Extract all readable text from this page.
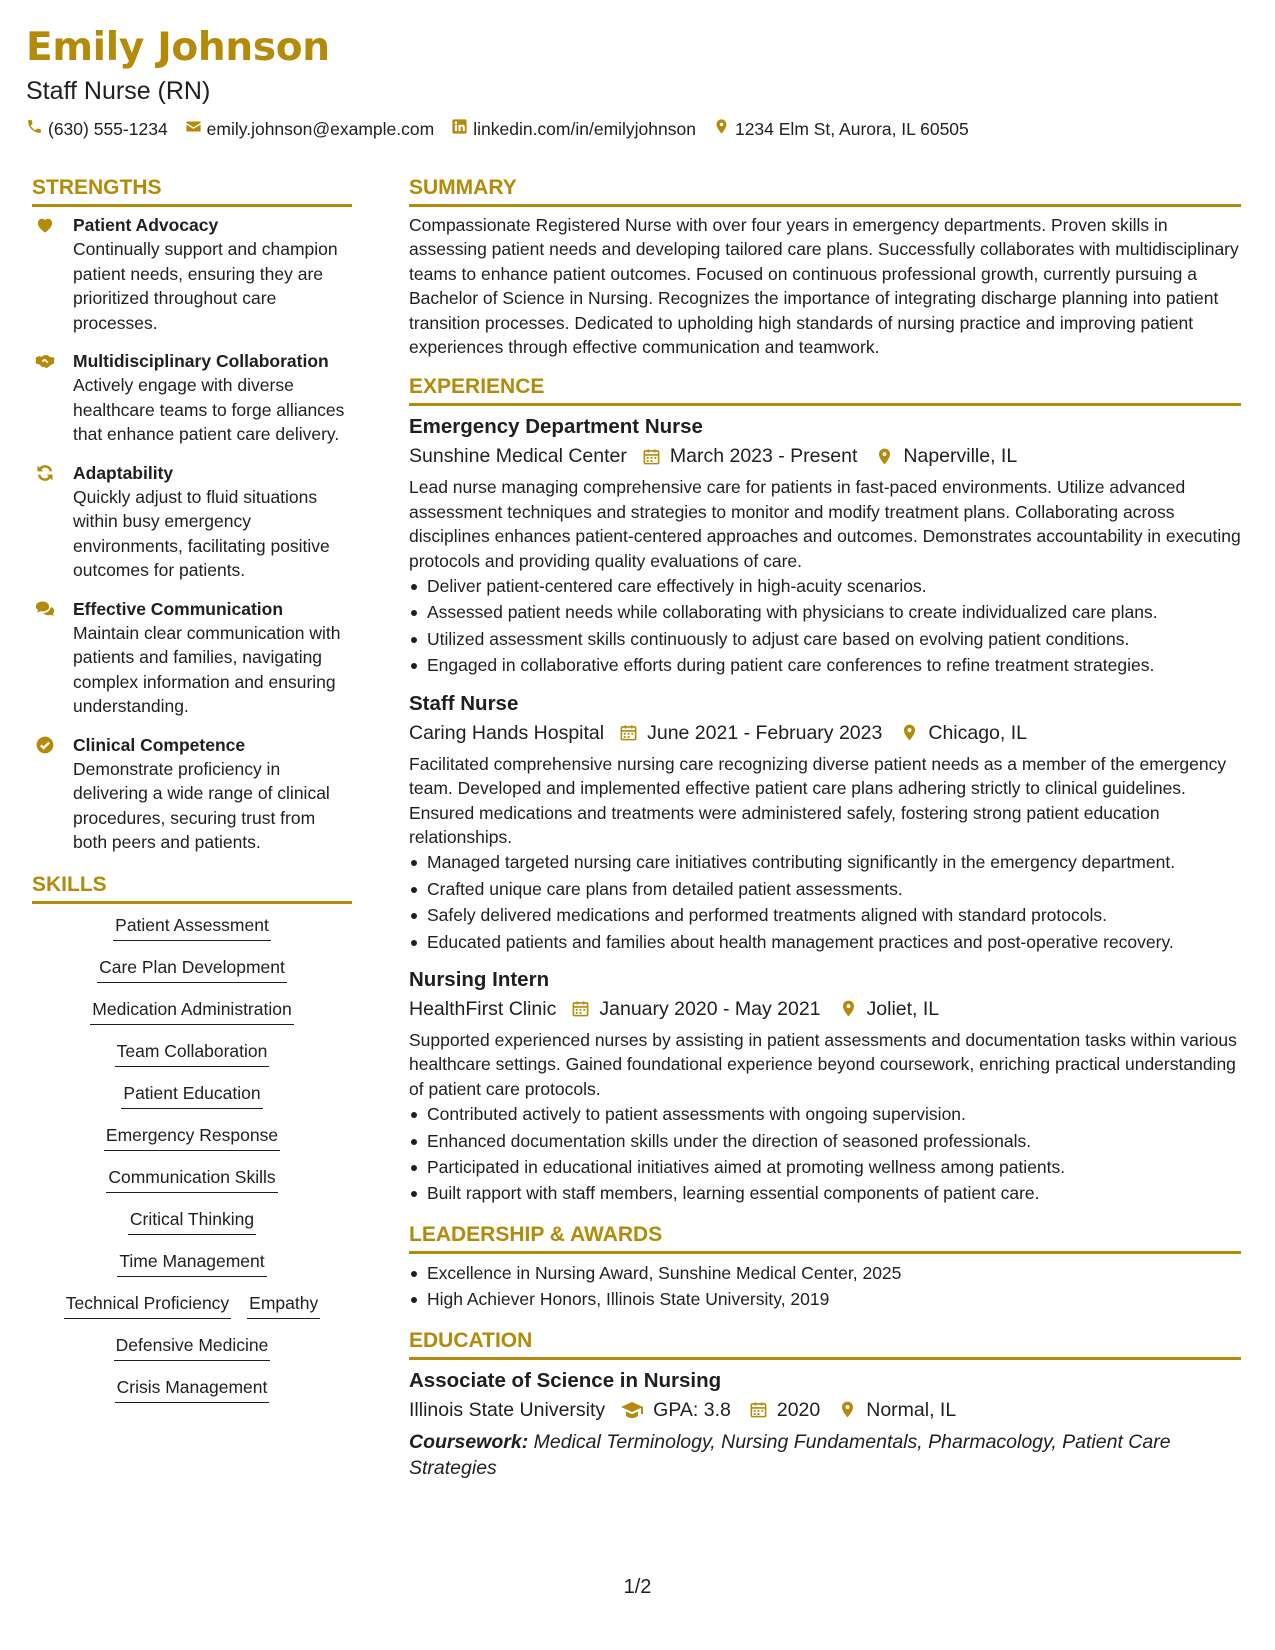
Emily Johnson
Staff Nurse (RN)
(630) 555-1234 emily.johnson@example.com linkedin.com/in/emilyjohnson 1234 Elm St, Aurora, IL 60505
STRENGTHS
Patient Advocacy
Continually support and champion patient needs, ensuring they are prioritized throughout care processes.
Multidisciplinary Collaboration
Actively engage with diverse healthcare teams to forge alliances that enhance patient care delivery.
Adaptability
Quickly adjust to fluid situations within busy emergency environments, facilitating positive outcomes for patients.
Effective Communication
Maintain clear communication with patients and families, navigating complex information and ensuring understanding.
Clinical Competence
Demonstrate proficiency in delivering a wide range of clinical procedures, securing trust from both peers and patients.
SKILLS
Patient Assessment
Care Plan Development
Medication Administration
Team Collaboration
Patient Education
Emergency Response
Communication Skills
Critical Thinking
Time Management
Technical Proficiency Empathy
Defensive Medicine
Crisis Management
SUMMARY
Compassionate Registered Nurse with over four years in emergency departments. Proven skills in assessing patient needs and developing tailored care plans. Successfully collaborates with multidisciplinary teams to enhance patient outcomes. Focused on continuous professional growth, currently pursuing a Bachelor of Science in Nursing. Recognizes the importance of integrating discharge planning into patient transition processes. Dedicated to upholding high standards of nursing practice and improving patient experiences through effective communication and teamwork.
EXPERIENCE
Emergency Department Nurse
Sunshine Medical Center March 2023 - Present Naperville, IL
Lead nurse managing comprehensive care for patients in fast-paced environments. Utilize advanced assessment techniques and strategies to monitor and modify treatment plans. Collaborating across disciplines enhances patient-centered approaches and outcomes. Demonstrates accountability in executing protocols and providing quality evaluations of care.
Deliver patient-centered care effectively in high-acuity scenarios.
Assessed patient needs while collaborating with physicians to create individualized care plans.
Utilized assessment skills continuously to adjust care based on evolving patient conditions.
Engaged in collaborative efforts during patient care conferences to refine treatment strategies.
Staff Nurse
Caring Hands Hospital June 2021 - February 2023 Chicago, IL
Facilitated comprehensive nursing care recognizing diverse patient needs as a member of the emergency team. Developed and implemented effective patient care plans adhering strictly to clinical guidelines. Ensured medications and treatments were administered safely, fostering strong patient education relationships.
Managed targeted nursing care initiatives contributing significantly in the emergency department.
Crafted unique care plans from detailed patient assessments.
Safely delivered medications and performed treatments aligned with standard protocols.
Educated patients and families about health management practices and post-operative recovery.
Nursing Intern
HealthFirst Clinic January 2020 - May 2021 Joliet, IL
Supported experienced nurses by assisting in patient assessments and documentation tasks within various healthcare settings. Gained foundational experience beyond coursework, enriching practical understanding of patient care protocols.
Contributed actively to patient assessments with ongoing supervision.
Enhanced documentation skills under the direction of seasoned professionals.
Participated in educational initiatives aimed at promoting wellness among patients.
Built rapport with staff members, learning essential components of patient care.
LEADERSHIP & AWARDS
Excellence in Nursing Award, Sunshine Medical Center, 2025
High Achiever Honors, Illinois State University, 2019
EDUCATION
Associate of Science in Nursing
Illinois State University GPA: 3.8 2020 Normal, IL
Coursework: Medical Terminology, Nursing Fundamentals, Pharmacology, Patient Care Strategies
1/2
